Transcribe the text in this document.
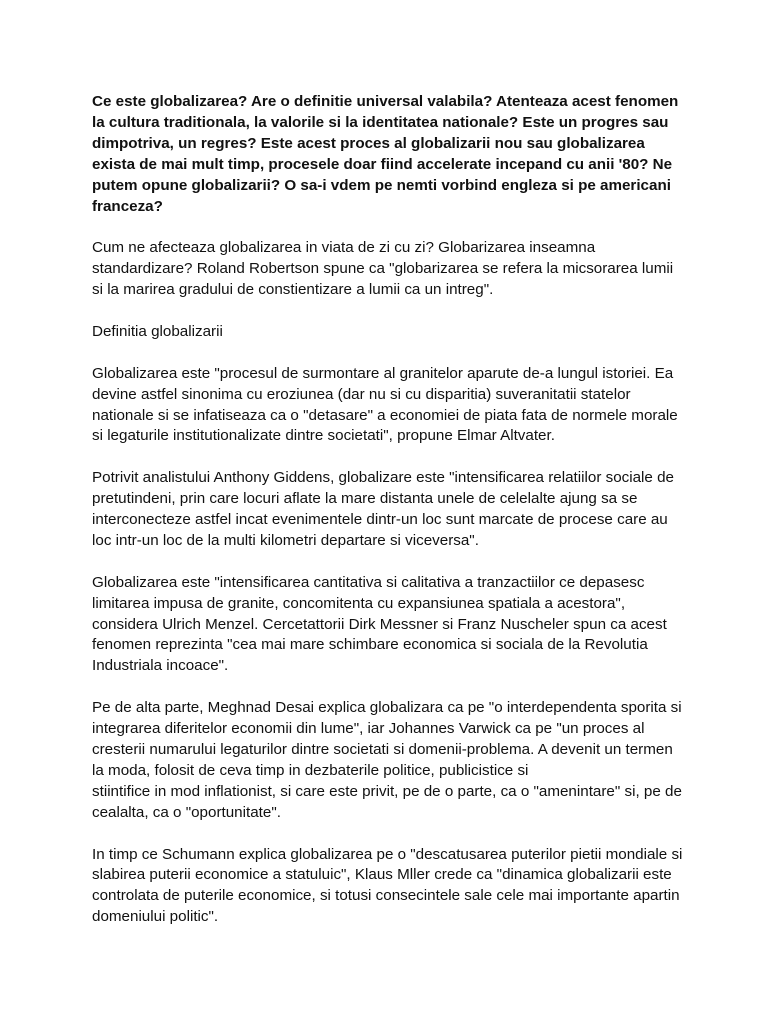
Ce este globalizarea? Are o definitie universal valabila? Atenteaza acest fenomen
la cultura traditionala, la valorile si la identitatea nationale? Este un progres sau
dimpotriva, un regres? Este acest proces al globalizarii nou sau globalizarea
exista de mai mult timp, procesele doar fiind accelerate incepand cu anii '80? Ne
putem opune globalizarii? O sa-i vdem pe nemti vorbind engleza si pe americani
franceza?

Cum ne afecteaza globalizarea in viata de zi cu zi? Globarizarea inseamna
standardizare? Roland Robertson spune ca "globarizarea se refera la micsorarea lumii
si la marirea gradului de constientizare a lumii ca un intreg".

Definitia globalizarii

Globalizarea este "procesul de surmontare al granitelor aparute de-a lungul istoriei. Ea
devine astfel sinonima cu eroziunea (dar nu si cu disparitia) suveranitatii statelor
nationale si se infatiseaza ca o "detasare" a economiei de piata fata de normele morale
si legaturile institutionalizate dintre societati", propune Elmar Altvater.

Potrivit analistului Anthony Giddens, globalizare este "intensificarea relatiilor sociale de
pretutindeni, prin care locuri aflate la mare distanta unele de celelalte ajung sa se
interconecteze astfel incat evenimentele dintr-un loc sunt marcate de procese care au
loc intr-un loc de la multi kilometri departare si viceversa".

Globalizarea este "intensificarea cantitativa si calitativa a tranzactiilor ce depasesc
limitarea impusa de granite, concomitenta cu expansiunea spatiala a acestora",
considera Ulrich Menzel. Cercetattorii Dirk Messner si Franz Nuscheler spun ca acest
fenomen reprezinta "cea mai mare schimbare economica si sociala de la Revolutia
Industriala incoace".

Pe de alta parte, Meghnad Desai explica globalizara ca pe "o interdependenta sporita si
integrarea diferitelor economii din lume", iar Johannes Varwick ca pe "un proces al
cresterii numarului legaturilor dintre societati si domenii-problema. A devenit un termen
la moda, folosit de ceva timp in dezbaterile politice, publicistice si
stiintifice in mod inflationist, si care este privit, pe de o parte, ca o "amenintare" si, pe de
cealalta, ca o "oportunitate".

In timp ce Schumann explica globalizarea pe o "descatusarea puterilor pietii mondiale si
slabirea puterii economice a statuluic", Klaus Mller crede ca "dinamica globalizarii este
controlata de puterile economice, si totusi consecintele sale cele mai importante apartin
domeniului politic".
